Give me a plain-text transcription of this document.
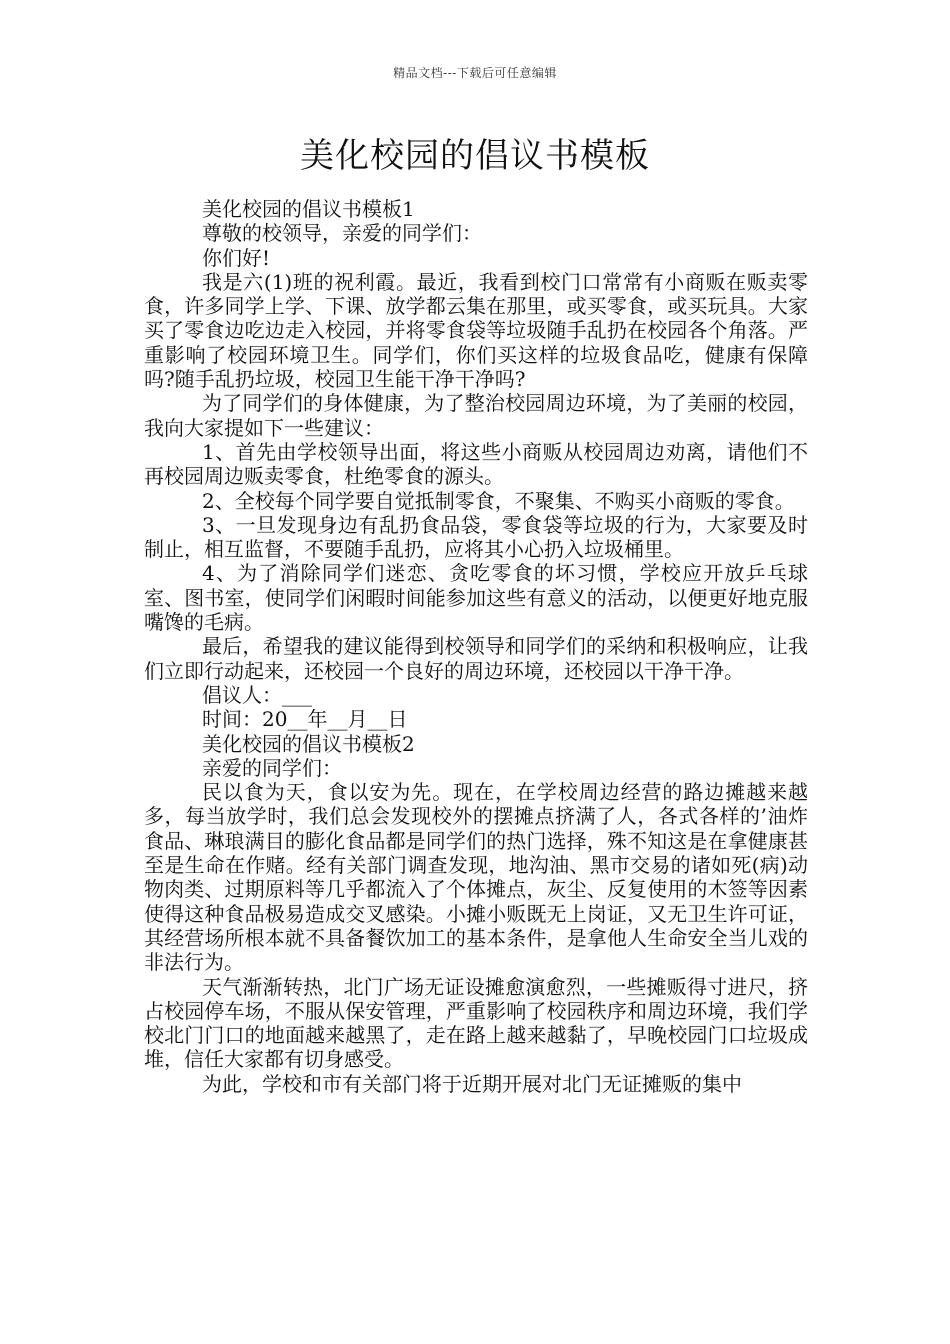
精品文档---下载后可任意编辑
美化校园的倡议书模板

美化校园的倡议书模板1

尊敬的校领导，亲爱的同学们：

你们好!

我是六(1)班的祝利霞。最近，我看到校门口常常有小商贩在贩卖零食，许多同学上学、下课、放学都云集在那里，或买零食，或买玩具。大家买了零食边吃边走入校园，并将零食袋等垃圾随手乱扔在校园各个角落。严重影响了校园环境卫生。同学们，你们买这样的垃圾食品吃，健康有保障吗?随手乱扔垃圾，校园卫生能干净干净吗?

为了同学们的身体健康，为了整治校园周边环境，为了美丽的校园，我向大家提如下一些建议：

1、首先由学校领导出面，将这些小商贩从校园周边劝离，请他们不再校园周边贩卖零食，杜绝零食的源头。

2、全校每个同学要自觉抵制零食，不聚集、不购买小商贩的零食。

3、一旦发现身边有乱扔食品袋，零食袋等垃圾的行为，大家要及时制止，相互监督，不要随手乱扔，应将其小心扔入垃圾桶里。

4、为了消除同学们迷恋、贪吃零食的坏习惯，学校应开放乒乓球室、图书室，使同学们闲暇时间能参加这些有意义的活动，以便更好地克服嘴馋的毛病。

最后，希望我的建议能得到校领导和同学们的采纳和积极响应，让我们立即行动起来，还校园一个良好的周边环境，还校园以干净干净。

倡议人：___

时间：20__年__月__日

美化校园的倡议书模板2

亲爱的同学们：

民以食为天，食以安为先。现在，在学校周边经营的路边摊越来越多，每当放学时，我们总会发现校外的摆摊点挤满了人，各式各样的’油炸食品、琳琅满目的膨化食品都是同学们的热门选择，殊不知这是在拿健康甚至是生命在作赌。经有关部门调查发现，地沟油、黑市交易的诸如死(病)动物肉类、过期原料等几乎都流入了个体摊点，灰尘、反复使用的木签等因素使得这种食品极易造成交叉感染。小摊小贩既无上岗证，又无卫生许可证，其经营场所根本就不具备餐饮加工的基本条件，是拿他人生命安全当儿戏的非法行为。

天气渐渐转热，北门广场无证设摊愈演愈烈，一些摊贩得寸进尺，挤占校园停车场，不服从保安管理，严重影响了校园秩序和周边环境，我们学校北门门口的地面越来越黑了，走在路上越来越黏了，早晚校园门口垃圾成堆，信任大家都有切身感受。

为此，学校和市有关部门将于近期开展对北门无证摊贩的集中
